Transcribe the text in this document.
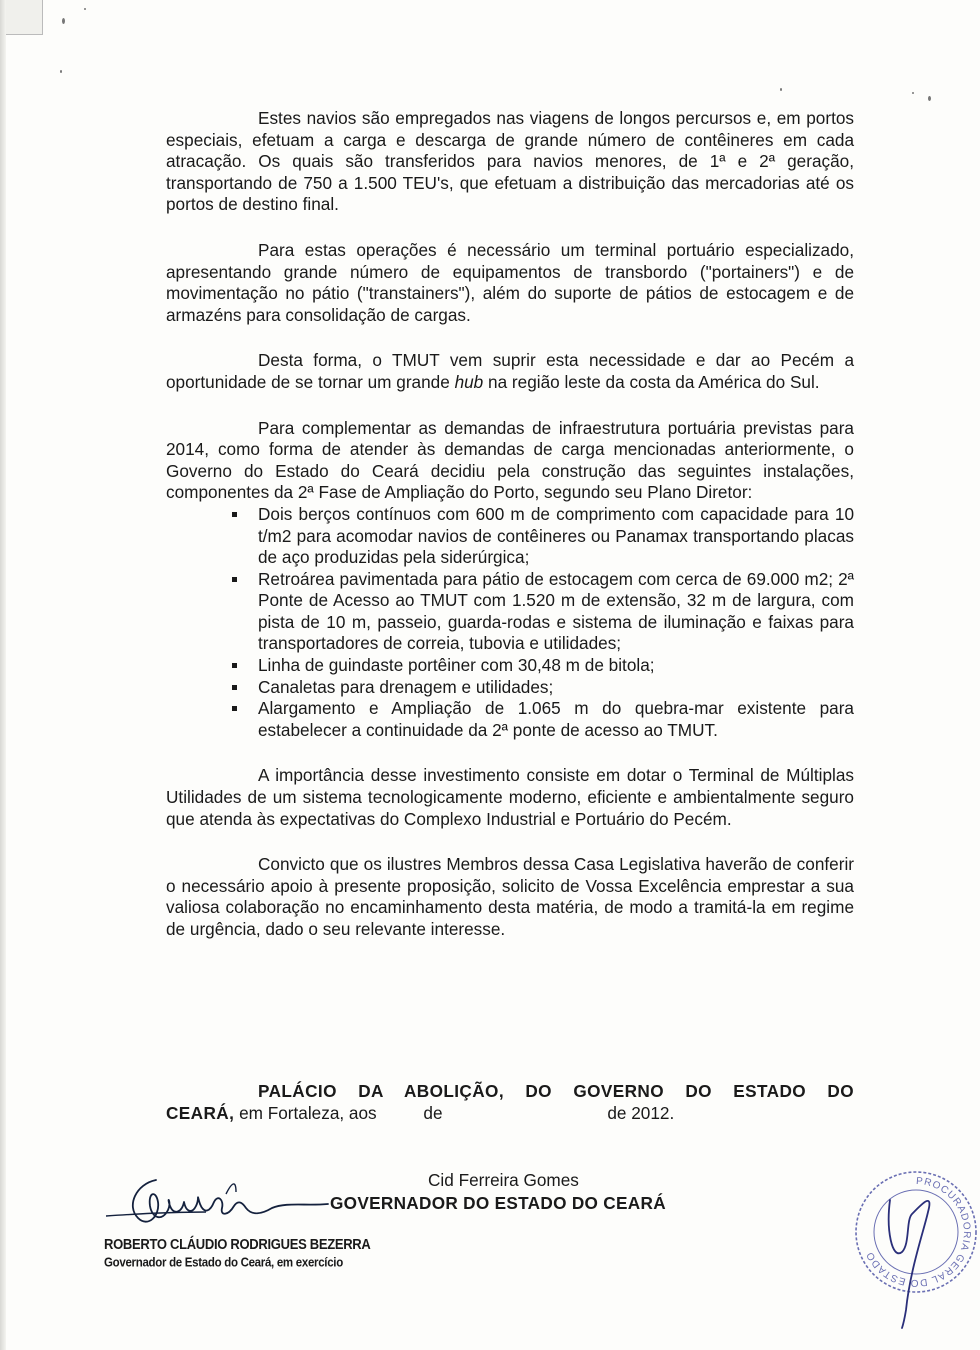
Estes navios são empregados nas viagens de longos percursos e, em portos especiais, efetuam a carga e descarga de grande número de contêineres em cada atracação. Os quais são transferidos para navios menores, de 1ª e 2ª geração, transportando de 750 a 1.500 TEU's, que efetuam a distribuição das mercadorias até os portos de destino final.

Para estas operações é necessário um terminal portuário especializado, apresentando grande número de equipamentos de transbordo ("portainers") e de movimentação no pátio ("transtainers"), além do suporte de pátios de estocagem e de armazéns para consolidação de cargas.

Desta forma, o TMUT vem suprir esta necessidade e dar ao Pecém a oportunidade de se tornar um grande hub na região leste da costa da América do Sul.

Para complementar as demandas de infraestrutura portuária previstas para 2014, como forma de atender às demandas de carga mencionadas anteriormente, o Governo do Estado do Ceará decidiu pela construção das seguintes instalações, componentes da 2ª Fase de Ampliação do Porto, segundo seu Plano Diretor:

Dois berços contínuos com 600 m de comprimento com capacidade para 10 t/m2 para acomodar navios de contêineres ou Panamax transportando placas de aço produzidas pela siderúrgica;
Retroárea pavimentada para pátio de estocagem com cerca de 69.000 m2; 2ª Ponte de Acesso ao TMUT com 1.520 m de extensão, 32 m de largura, com pista de 10 m, passeio, guarda-rodas e sistema de iluminação e faixas para transportadores de correia, tubovia e utilidades;
Linha de guindaste portêiner com 30,48 m de bitola;
Canaletas para drenagem e utilidades;
Alargamento e Ampliação de 1.065 m do quebra-mar existente para estabelecer a continuidade da 2ª ponte de acesso ao TMUT.

A importância desse investimento consiste em dotar o Terminal de Múltiplas Utilidades de um sistema tecnologicamente moderno, eficiente e ambientalmente seguro que atenda às expectativas do Complexo Industrial e Portuário do Pecém.

Convicto que os ilustres Membros dessa Casa Legislativa haverão de conferir o necessário apoio à presente proposição, solicito de Vossa Excelência emprestar a sua valiosa colaboração no encaminhamento desta matéria, de modo a tramitá-la em regime de urgência, dado o seu relevante interesse.

PALÁCIO DA ABOLIÇÃO, DO GOVERNO DO ESTADO DO
CEARÁ, em Fortaleza, aos	de	de 2012.
Cid Ferreira Gomes
GOVERNADOR DO ESTADO DO CEARÁ
ROBERTO CLÁUDIO RODRIGUES BEZERRA
Governador de Estado do Ceará, em exercício
PROCURADORIA GERAL DO ESTADO
